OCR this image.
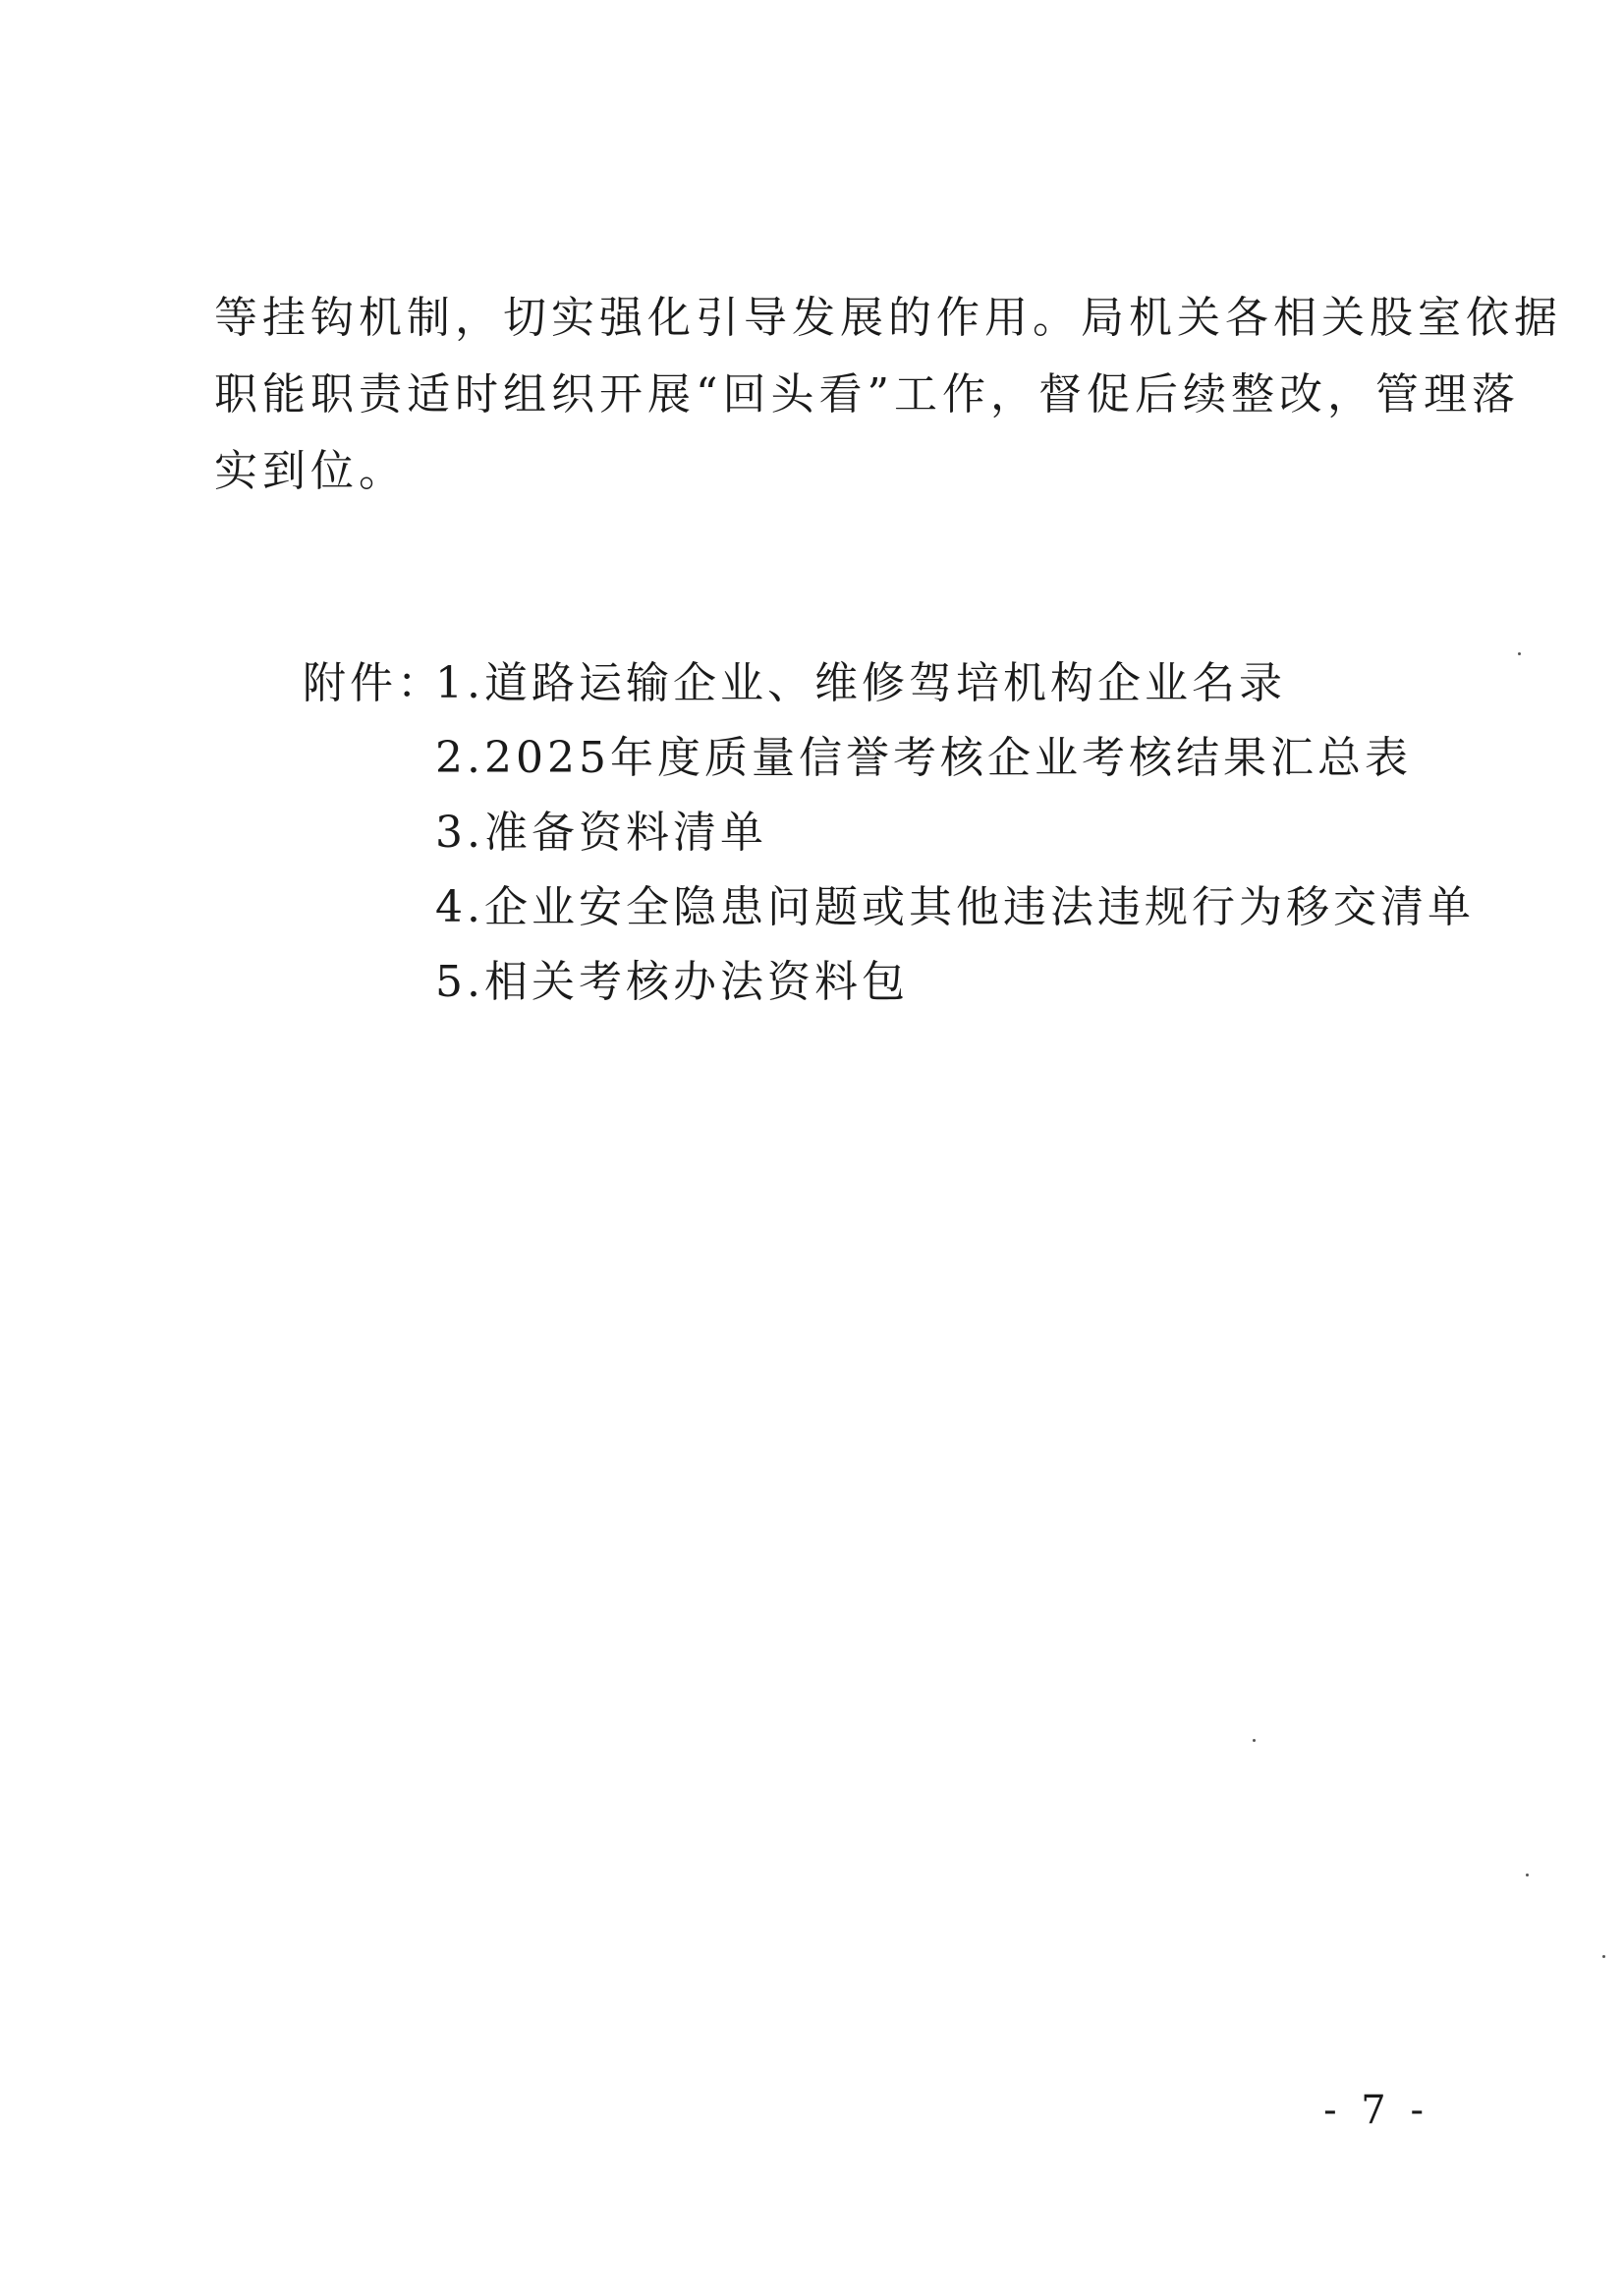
等挂钩机制，切实强化引导发展的作用。局机关各相关股室依据
职能职责适时组织开展“回头看”工作，督促后续整改，管理落
实到位。
附件：
1.道路运输企业、维修驾培机构企业名录
2.2025年度质量信誉考核企业考核结果汇总表
3.准备资料清单
4.企业安全隐患问题或其他违法违规行为移交清单
5.相关考核办法资料包
- 7 -
